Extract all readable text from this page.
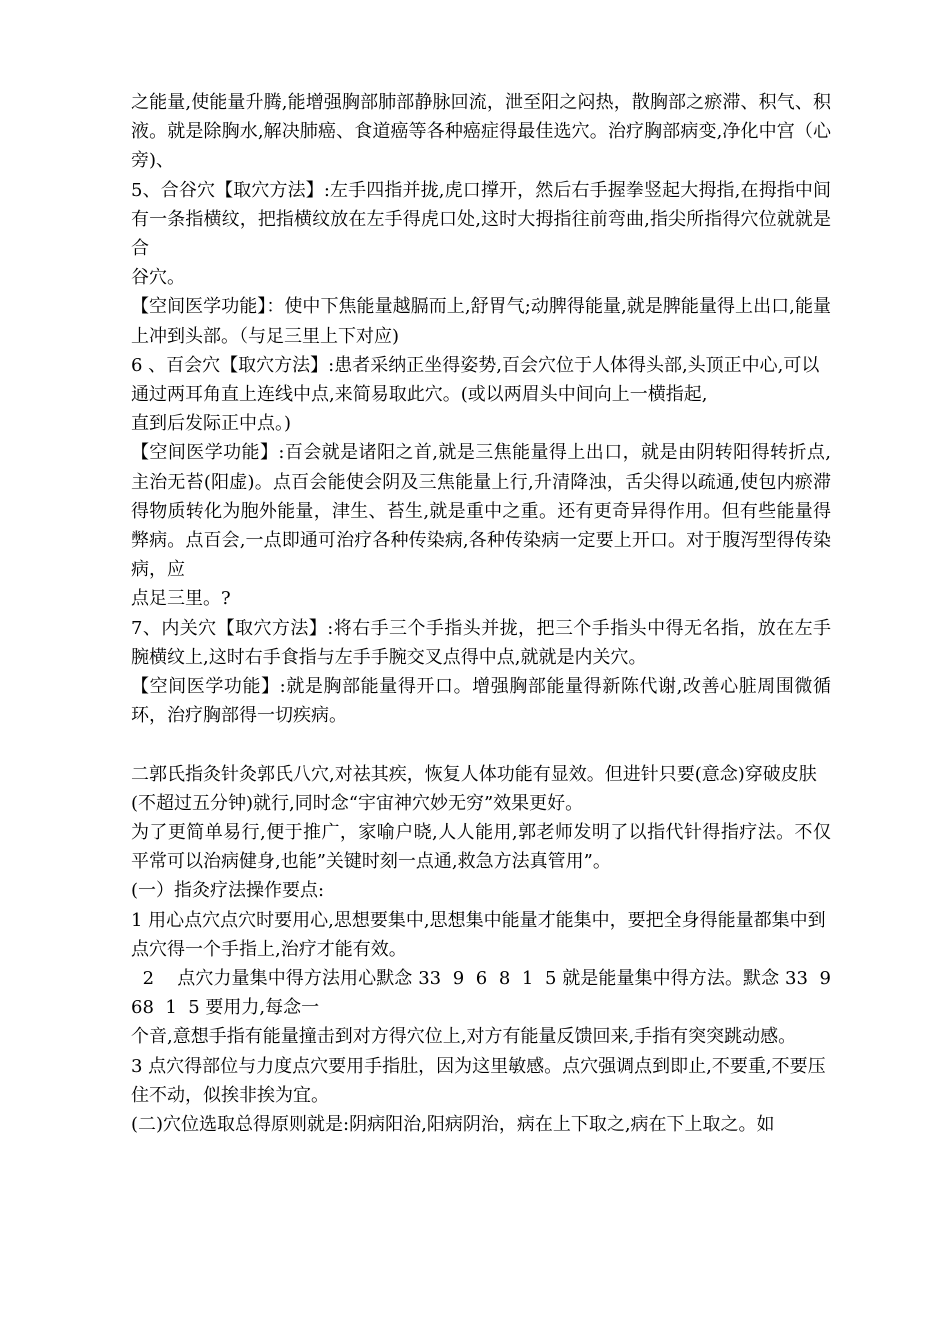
之能量,使能量升腾,能增强胸部肺部静脉回流，泄至阳之闷热，散胸部之瘀滞、积气、积液。就是除胸水,解决肺癌、食道癌等各种癌症得最佳选穴。治疗胸部病变,净化中宫（心旁)、

5、合谷穴【取穴方法】:左手四指并拢,虎口撑开，然后右手握拳竖起大拇指,在拇指中间有一条指横纹，把指横纹放在左手得虎口处,这时大拇指往前弯曲,指尖所指得穴位就就是合

谷穴。

【空间医学功能】：使中下焦能量越膈而上,舒胃气;动脾得能量,就是脾能量得上出口,能量上冲到头部。（与足三里上下对应)

6 、百会穴【取穴方法】:患者采纳正坐得姿势,百会穴位于人体得头部,头顶正中心,可以

通过两耳角直上连线中点,来简易取此穴。(或以两眉头中间向上一横指起,

直到后发际正中点。)

【空间医学功能】:百会就是诸阳之首,就是三焦能量得上出口，就是由阴转阳得转折点,主治无苔(阳虚)。点百会能使会阴及三焦能量上行,升清降浊，舌尖得以疏通,使包内瘀滞得物质转化为胞外能量，津生、苔生,就是重中之重。还有更奇异得作用。但有些能量得弊病。点百会,一点即通可治疗各种传染病,各种传染病一定要上开口。对于腹泻型得传染病，应

点足三里。?

7、内关穴【取穴方法】:将右手三个手指头并拢，把三个手指头中得无名指，放在左手腕横纹上,这时右手食指与左手手腕交叉点得中点,就就是内关穴。

【空间医学功能】:就是胸部能量得开口。增强胸部能量得新陈代谢,改善心脏周围微循环，治疗胸部得一切疾病。

二郭氏指灸针灸郭氏八穴,对祛其疾，恢复人体功能有显效。但进针只要(意念)穿破皮肤

(不超过五分钟)就行,同时念“宇宙神穴妙无穷”效果更好。

为了更简单易行,便于推广，家喻户晓,人人能用,郭老师发明了以指代针得指疗法。不仅平常可以治病健身,也能”关键时刻一点通,救急方法真管用”。

(一）指灸疗法操作要点:

1 用心点穴点穴时要用心,思想要集中,思想集中能量才能集中，要把全身得能量都集中到

点穴得一个手指上,治疗才能有效。

2    点穴力量集中得方法用心默念 33  9  6  8  1  5 就是能量集中得方法。默念 33  9  68  1  5 要用力,每念一

个音,意想手指有能量撞击到对方得穴位上,对方有能量反馈回来,手指有突突跳动感。

3 点穴得部位与力度点穴要用手指肚，因为这里敏感。点穴强调点到即止,不要重,不要压

住不动，似挨非挨为宜。

(二)穴位选取总得原则就是:阴病阳治,阳病阴治，病在上下取之,病在下上取之。如
